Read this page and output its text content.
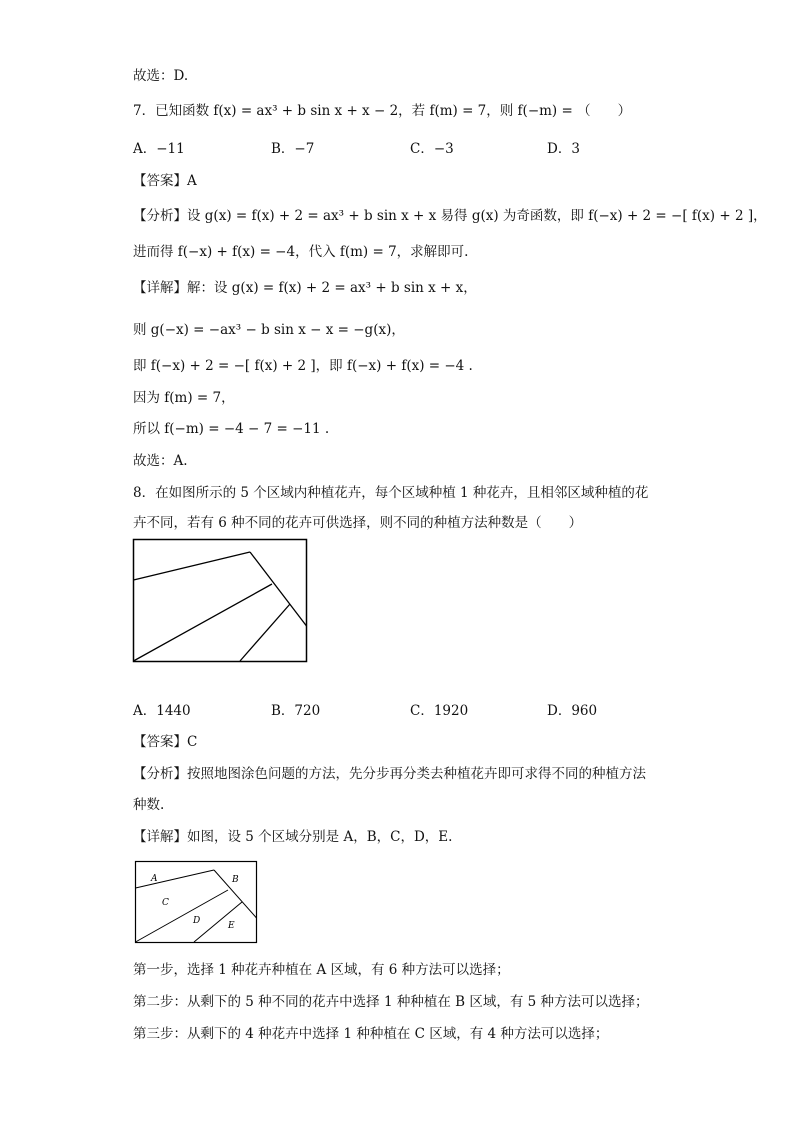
故选：D.
7．已知函数 f(x) = ax³ + b sin x + x − 2，若 f(m) = 7，则 f(−m) = （　　）
A．−11	B．−7	C．−3	D．3
【答案】A
【分析】设 g(x) = f(x) + 2 = ax³ + b sin x + x 易得 g(x) 为奇函数，即 f(−x) + 2 = −[ f(x) + 2 ]，
进而得 f(−x) + f(x) = −4，代入 f(m) = 7，求解即可.
【详解】解：设 g(x) = f(x) + 2 = ax³ + b sin x + x，
则 g(−x) = −ax³ − b sin x − x = −g(x)，
即 f(−x) + 2 = −[ f(x) + 2 ]，即 f(−x) + f(x) = −4 .
因为 f(m) = 7，
所以 f(−m) = −4 − 7 = −11 .
故选：A.
8．在如图所示的 5 个区域内种植花卉，每个区域种植 1 种花卉，且相邻区域种植的花
卉不同，若有 6 种不同的花卉可供选择，则不同的种植方法种数是（　　）
A．1440	B．720	C．1920	D．960
【答案】C
【分析】按照地图涂色问题的方法，先分步再分类去种植花卉即可求得不同的种植方法
种数.
【详解】如图，设 5 个区域分别是 A，B，C，D，E.
A	B
C
D	E
第一步，选择 1 种花卉种植在 A 区域，有 6 种方法可以选择；
第二步：从剩下的 5 种不同的花卉中选择 1 种种植在 B 区域，有 5 种方法可以选择；
第三步：从剩下的 4 种花卉中选择 1 种种植在 C 区域，有 4 种方法可以选择；
